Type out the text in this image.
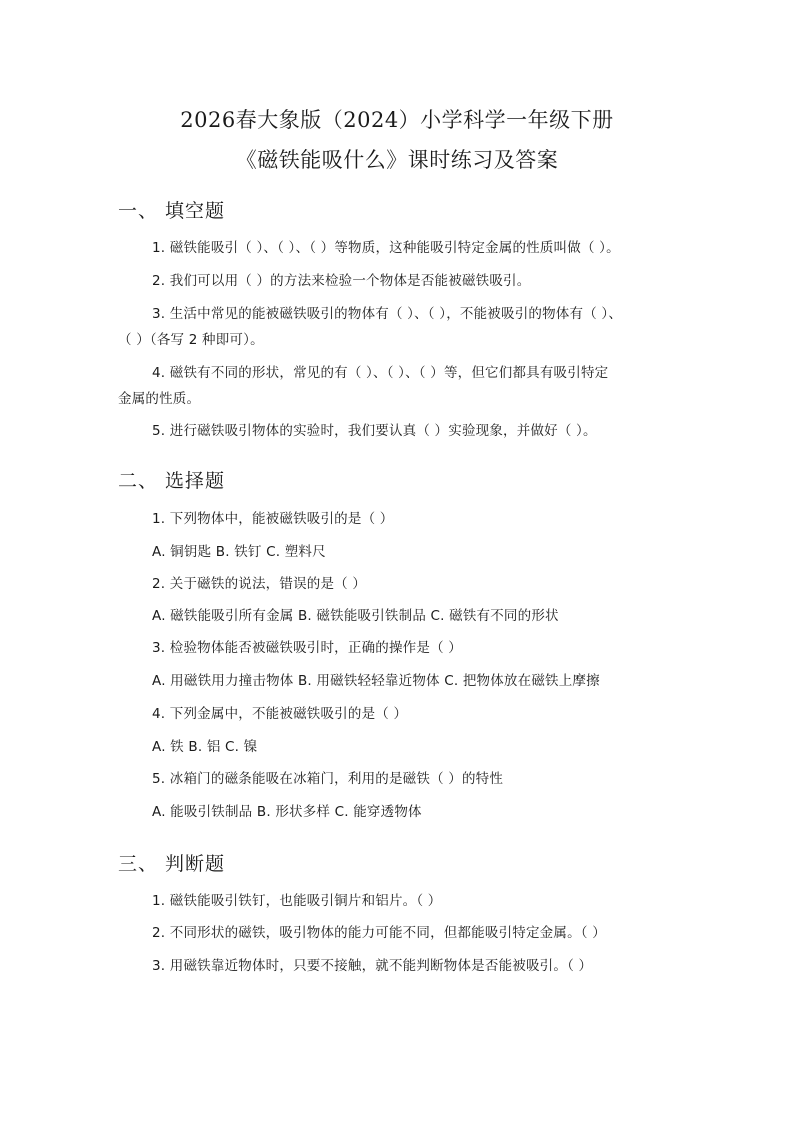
2026春大象版（2024）小学科学一年级下册
《磁铁能吸什么》课时练习及答案
一、 填空题
1. 磁铁能吸引（ ）、（ ）、（ ）等物质，这种能吸引特定金属的性质叫做（ ）。
2. 我们可以用（ ）的方法来检验一个物体是否能被磁铁吸引。
3. 生活中常见的能被磁铁吸引的物体有（ ）、（ ），不能被吸引的物体有（ ）、
（ ）（各写 2 种即可）。
4. 磁铁有不同的形状，常见的有（ ）、（ ）、（ ）等，但它们都具有吸引特定
金属的性质。
5. 进行磁铁吸引物体的实验时，我们要认真（ ）实验现象，并做好（ ）。
二、 选择题
1. 下列物体中，能被磁铁吸引的是（ ）
A. 铜钥匙 B. 铁钉 C. 塑料尺
2. 关于磁铁的说法，错误的是（ ）
A. 磁铁能吸引所有金属 B. 磁铁能吸引铁制品 C. 磁铁有不同的形状
3. 检验物体能否被磁铁吸引时，正确的操作是（ ）
A. 用磁铁用力撞击物体 B. 用磁铁轻轻靠近物体 C. 把物体放在磁铁上摩擦
4. 下列金属中，不能被磁铁吸引的是（ ）
A. 铁 B. 铝 C. 镍
5. 冰箱门的磁条能吸在冰箱门，利用的是磁铁（ ）的特性
A. 能吸引铁制品 B. 形状多样 C. 能穿透物体
三、 判断题
1. 磁铁能吸引铁钉，也能吸引铜片和铝片。（ ）
2. 不同形状的磁铁，吸引物体的能力可能不同，但都能吸引特定金属。（ ）
3. 用磁铁靠近物体时，只要不接触，就不能判断物体是否能被吸引。（ ）
